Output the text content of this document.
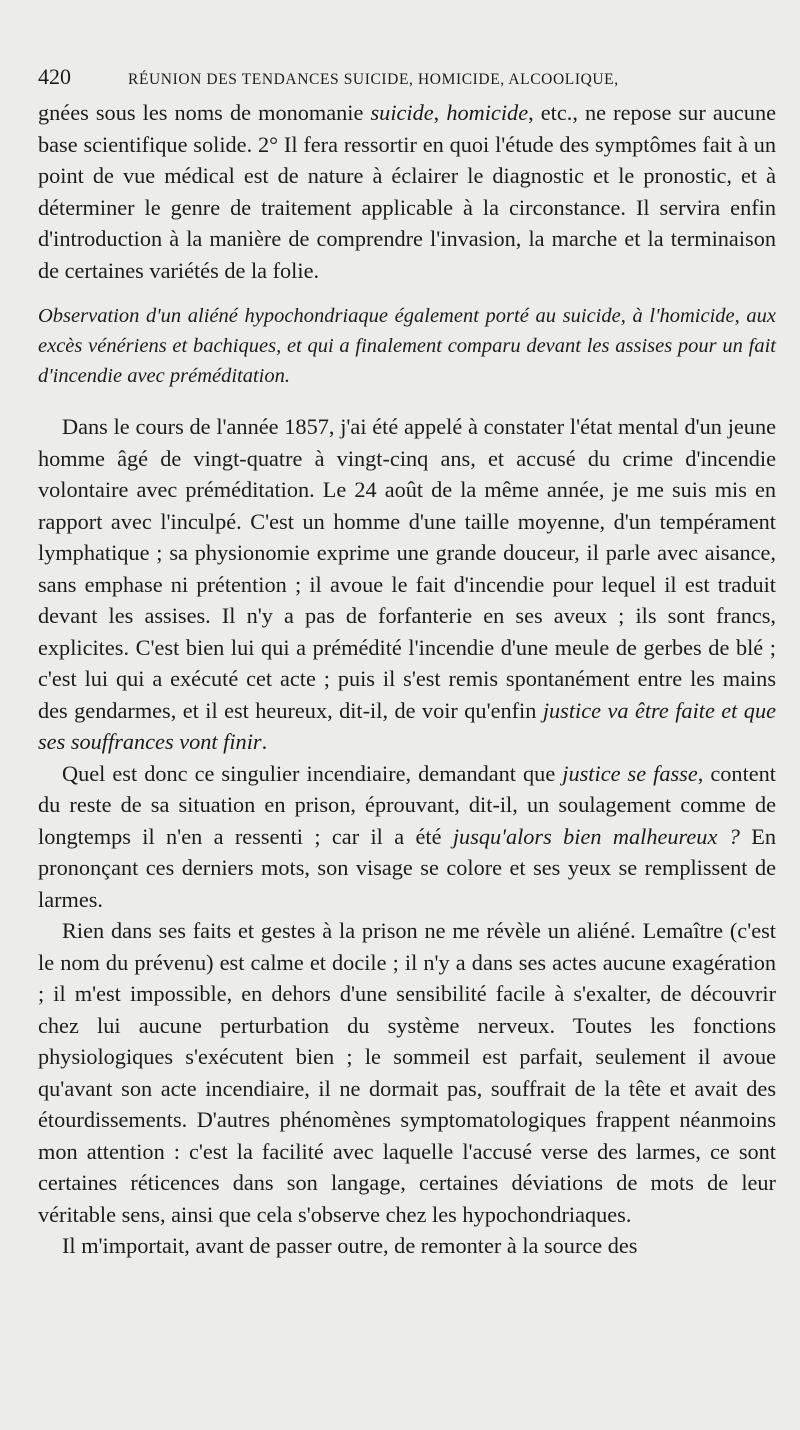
420	RÉUNION DES TENDANCES SUICIDE, HOMICIDE, ALCOOLIQUE,

gnées sous les noms de monomanie suicide, homicide, etc., ne repose sur aucune base scientifique solide. 2° Il fera ressortir en quoi l'étude des symptômes fait à un point de vue médical est de nature à éclairer le diagnostic et le pronostic, et à déterminer le genre de traitement applicable à la circonstance. Il servira enfin d'introduction à la manière de comprendre l'invasion, la marche et la terminaison de certaines variétés de la folie.

Observation d'un aliéné hypochondriaque également porté au suicide, à l'homicide, aux excès vénériens et bachiques, et qui a finalement comparu devant les assises pour un fait d'incendie avec préméditation.

Dans le cours de l'année 1857, j'ai été appelé à constater l'état mental d'un jeune homme âgé de vingt-quatre à vingt-cinq ans, et accusé du crime d'incendie volontaire avec préméditation. Le 24 août de la même année, je me suis mis en rapport avec l'inculpé. C'est un homme d'une taille moyenne, d'un tempérament lymphatique ; sa physionomie exprime une grande douceur, il parle avec aisance, sans emphase ni prétention ; il avoue le fait d'incendie pour lequel il est traduit devant les assises. Il n'y a pas de forfanterie en ses aveux ; ils sont francs, explicites. C'est bien lui qui a prémédité l'incendie d'une meule de gerbes de blé ; c'est lui qui a exécuté cet acte ; puis il s'est remis spontanément entre les mains des gendarmes, et il est heureux, dit-il, de voir qu'enfin justice va être faite et que ses souffrances vont finir.

Quel est donc ce singulier incendiaire, demandant que justice se fasse, content du reste de sa situation en prison, éprouvant, dit-il, un soulagement comme de longtemps il n'en a ressenti ; car il a été jusqu'alors bien malheureux ? En prononçant ces derniers mots, son visage se colore et ses yeux se remplissent de larmes.

Rien dans ses faits et gestes à la prison ne me révèle un aliéné. Lemaître (c'est le nom du prévenu) est calme et docile ; il n'y a dans ses actes aucune exagération ; il m'est impossible, en dehors d'une sensibilité facile à s'exalter, de découvrir chez lui aucune perturbation du système nerveux. Toutes les fonctions physiologiques s'exécutent bien ; le sommeil est parfait, seulement il avoue qu'avant son acte incendiaire, il ne dormait pas, souffrait de la tête et avait des étourdissements. D'autres phénomènes symptomatologiques frappent néanmoins mon attention : c'est la facilité avec laquelle l'accusé verse des larmes, ce sont certaines réticences dans son langage, certaines déviations de mots de leur véritable sens, ainsi que cela s'observe chez les hypochondriaques.

Il m'importait, avant de passer outre, de remonter à la source des
